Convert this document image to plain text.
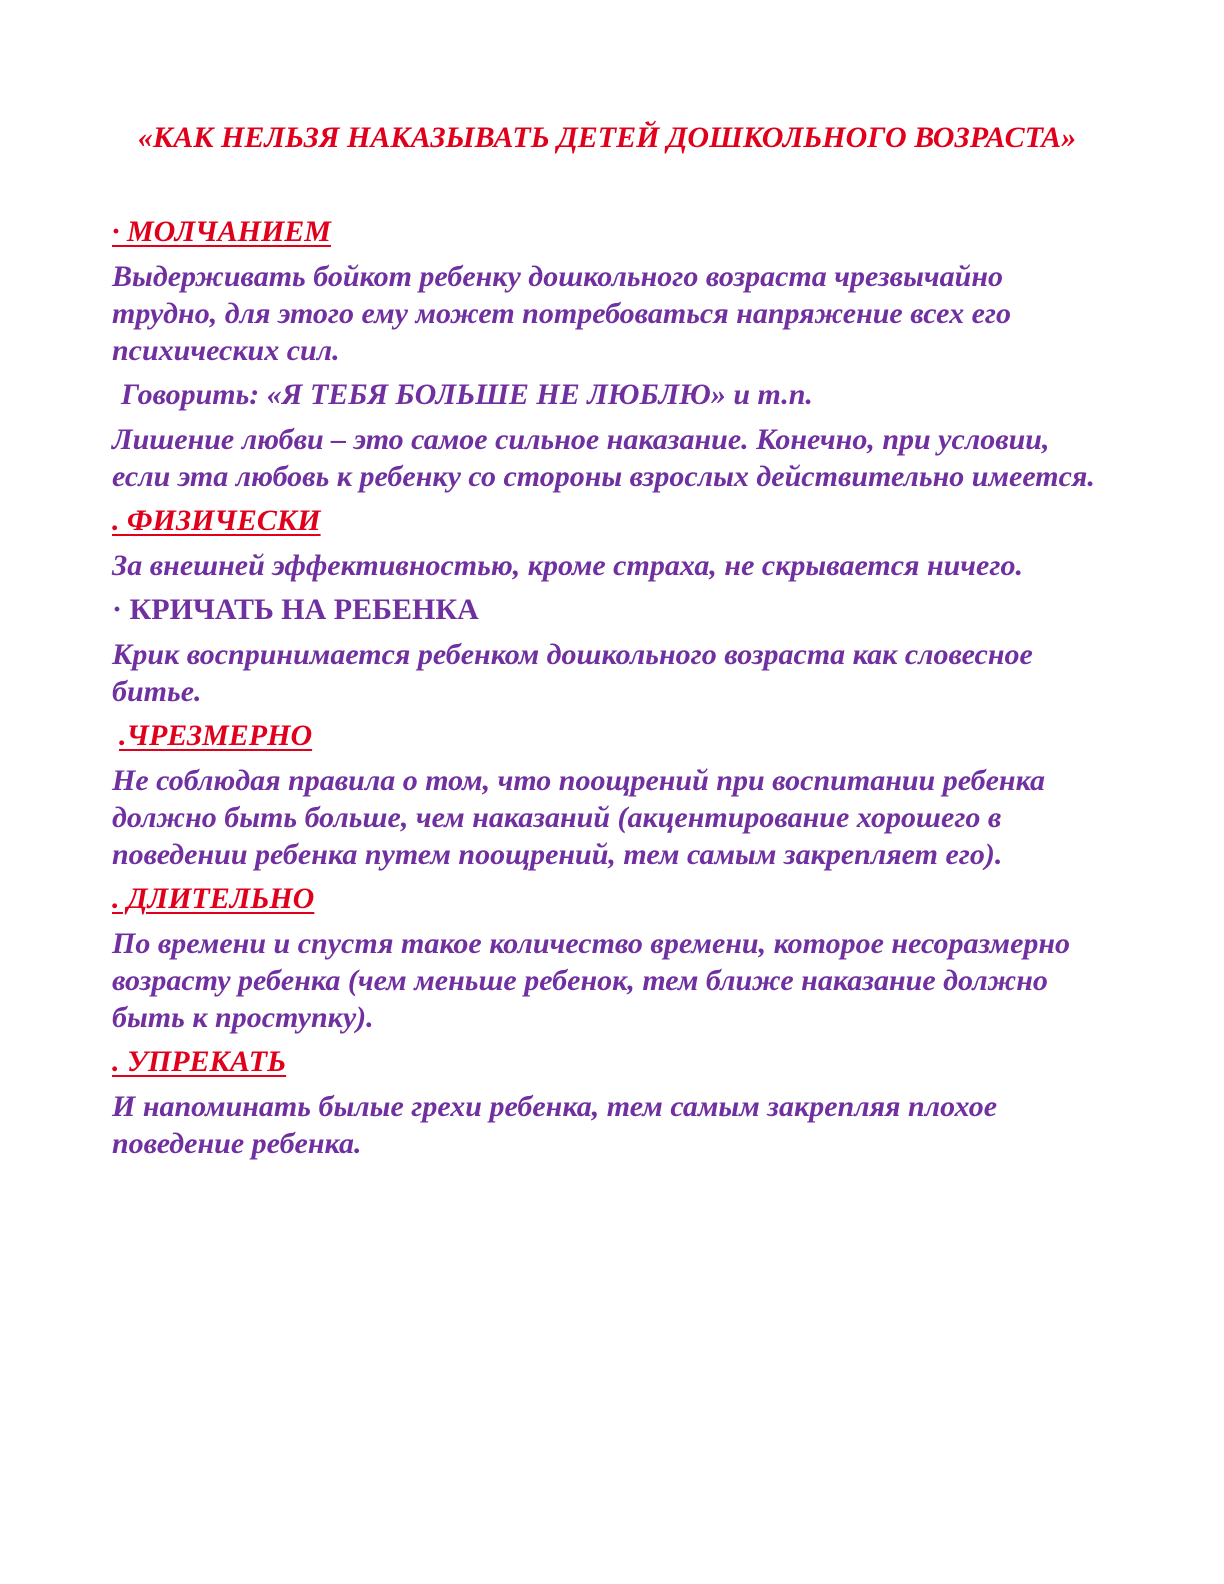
«КАК НЕЛЬЗЯ НАКАЗЫВАТЬ ДЕТЕЙ ДОШКОЛЬНОГО ВОЗРАСТА»

· МОЛЧАНИЕМ

Выдерживать бойкот ребенку дошкольного возраста чрезвычайно трудно, для этого ему может потребоваться напряжение всех его психических сил.

Говорить: «Я ТЕБЯ БОЛЬШЕ НЕ ЛЮБЛЮ» и т.п.

Лишение любви – это самое сильное наказание. Конечно, при условии, если эта любовь к ребенку со стороны взрослых действительно имеется.

. ФИЗИЧЕСКИ

За внешней эффективностью, кроме страха, не скрывается ничего.

· КРИЧАТЬ НА РЕБЕНКА

Крик воспринимается ребенком дошкольного возраста как словесное битье.

.ЧРЕЗМЕРНО

Не соблюдая правила о том, что поощрений при воспитании ребенка должно быть больше, чем наказаний (акцентирование хорошего в поведении ребенка путем поощрений, тем самым закрепляет его).

. ДЛИТЕЛЬНО

По времени и спустя такое количество времени, которое несоразмерно возрасту ребенка (чем меньше ребенок, тем ближе наказание должно быть к проступку).

. УПРЕКАТЬ

И напоминать былые грехи ребенка, тем самым закрепляя плохое поведение ребенка.
